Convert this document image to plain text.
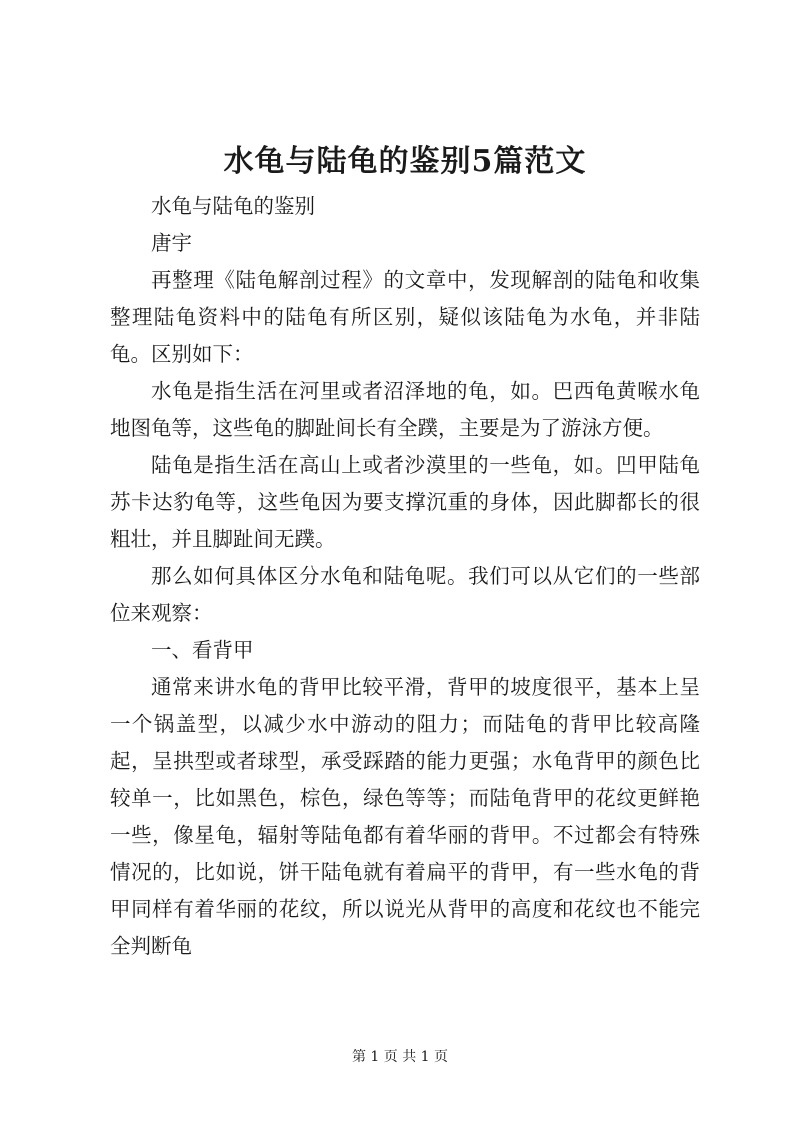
水龟与陆龟的鉴别5篇范文

水龟与陆龟的鉴别

唐宇

再整理《陆龟解剖过程》的文章中，发现解剖的陆龟和收集整理陆龟资料中的陆龟有所区别，疑似该陆龟为水龟，并非陆龟。区别如下：

水龟是指生活在河里或者沼泽地的龟，如。巴西龟黄喉水龟地图龟等，这些龟的脚趾间长有全蹼，主要是为了游泳方便。

陆龟是指生活在高山上或者沙漠里的一些龟，如。凹甲陆龟苏卡达豹龟等，这些龟因为要支撑沉重的身体，因此脚都长的很粗壮，并且脚趾间无蹼。

那么如何具体区分水龟和陆龟呢。我们可以从它们的一些部位来观察：

一、看背甲

通常来讲水龟的背甲比较平滑，背甲的坡度很平，基本上呈一个锅盖型，以减少水中游动的阻力；而陆龟的背甲比较高隆起，呈拱型或者球型，承受踩踏的能力更强；水龟背甲的颜色比较单一，比如黑色，棕色，绿色等等；而陆龟背甲的花纹更鲜艳一些，像星龟，辐射等陆龟都有着华丽的背甲。不过都会有特殊情况的，比如说，饼干陆龟就有着扁平的背甲，有一些水龟的背甲同样有着华丽的花纹，所以说光从背甲的高度和花纹也不能完全判断龟

第 1 页 共 1 页
